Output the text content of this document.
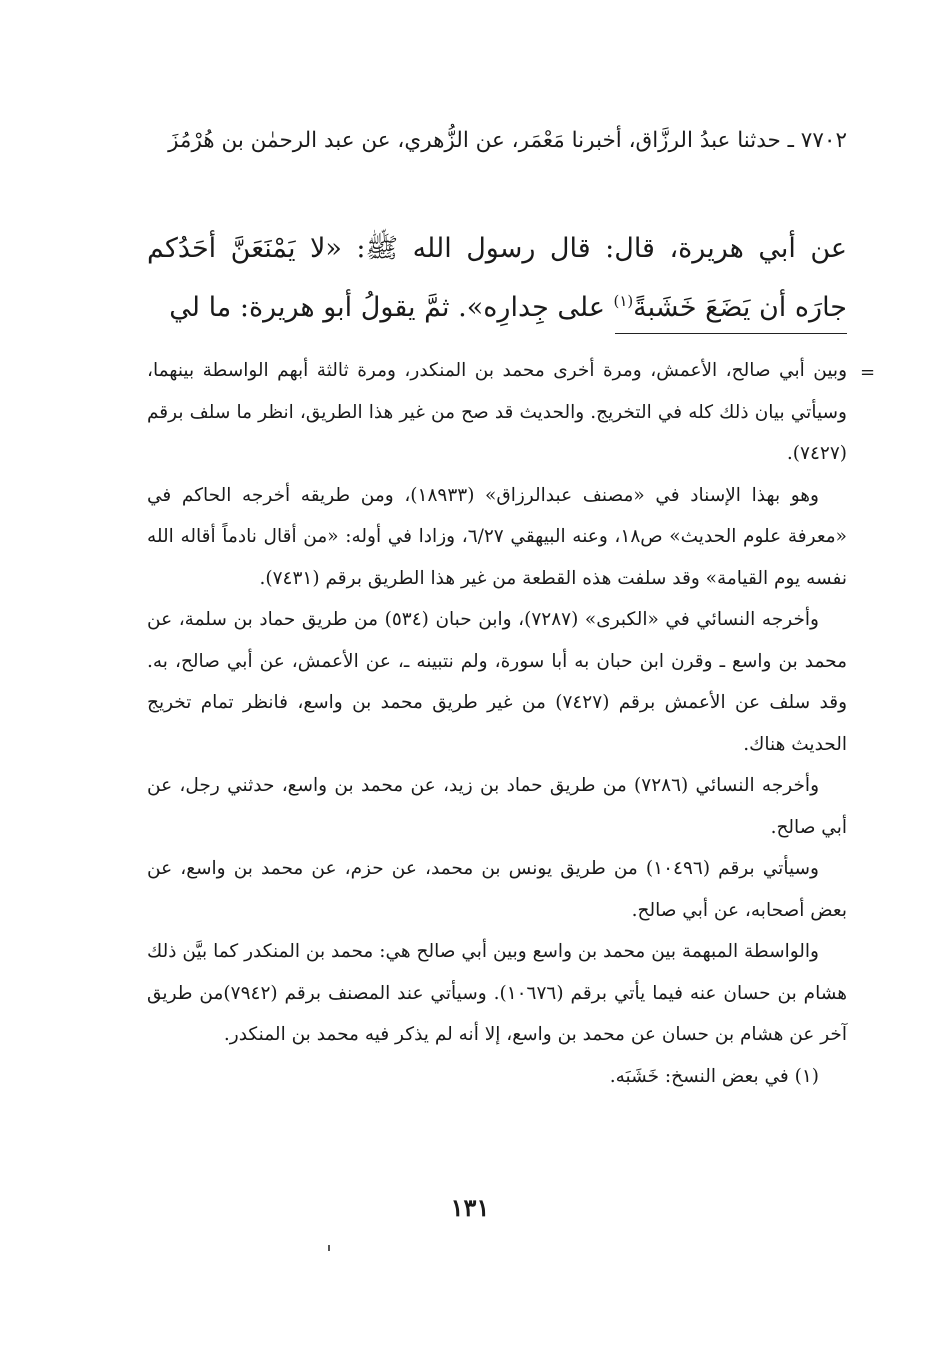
٧٧٠٢ ـ حدثنا عبدُ الرزَّاق، أخبرنا مَعْمَر، عن الزُّهري، عن عبد الرحمٰن بن هُرْمُزَ
عن أبي هريرة، قال: قال رسول الله ﷺ: «لا يَمْنَعَنَّ أحَدُكم جارَه أن يَضَعَ خَشَبةً$^{(١)}$ على جِدارِه». ثمَّ يقولُ أبو هريرة: ما لي
=

وبين أبي صالح، الأعمش، ومرة أخرى محمد بن المنكدر، ومرة ثالثة أبهم الواسطة بينهما، وسيأتي بيان ذلك كله في التخريج. والحديث قد صح من غير هذا الطريق، انظر ما سلف برقم (٧٤٢٧).

وهو بهذا الإسناد في «مصنف عبدالرزاق» (١٨٩٣٣)، ومن طريقه أخرجه الحاكم في «معرفة علوم الحديث» ص١٨، وعنه البيهقي ٦/٢٧، وزادا في أوله: «من أقال نادماً أقاله الله نفسه يوم القيامة» وقد سلفت هذه القطعة من غير هذا الطريق برقم (٧٤٣١).

وأخرجه النسائي في «الكبرى» (٧٢٨٧)، وابن حبان (٥٣٤) من طريق حماد بن سلمة، عن محمد بن واسع ـ وقرن ابن حبان به أبا سورة، ولم نتبينه ـ، عن الأعمش، عن أبي صالح، به. وقد سلف عن الأعمش برقم (٧٤٢٧) من غير طريق محمد بن واسع، فانظر تمام تخريج الحديث هناك.

وأخرجه النسائي (٧٢٨٦) من طريق حماد بن زيد، عن محمد بن واسع، حدثني رجل، عن أبي صالح.

وسيأتي برقم (١٠٤٩٦) من طريق يونس بن محمد، عن حزم، عن محمد بن واسع، عن بعض أصحابه، عن أبي صالح.

والواسطة المبهمة بين محمد بن واسع وبين أبي صالح هي: محمد بن المنكدر كما بيَّن ذلك هشام بن حسان عنه فيما يأتي برقم (١٠٦٧٦). وسيأتي عند المصنف برقم (٧٩٤٢)من طريق آخر عن هشام بن حسان عن محمد بن واسع، إلا أنه لم يذكر فيه محمد بن المنكدر.

(١) في بعض النسخ: خَشَبَه.

١٣١
